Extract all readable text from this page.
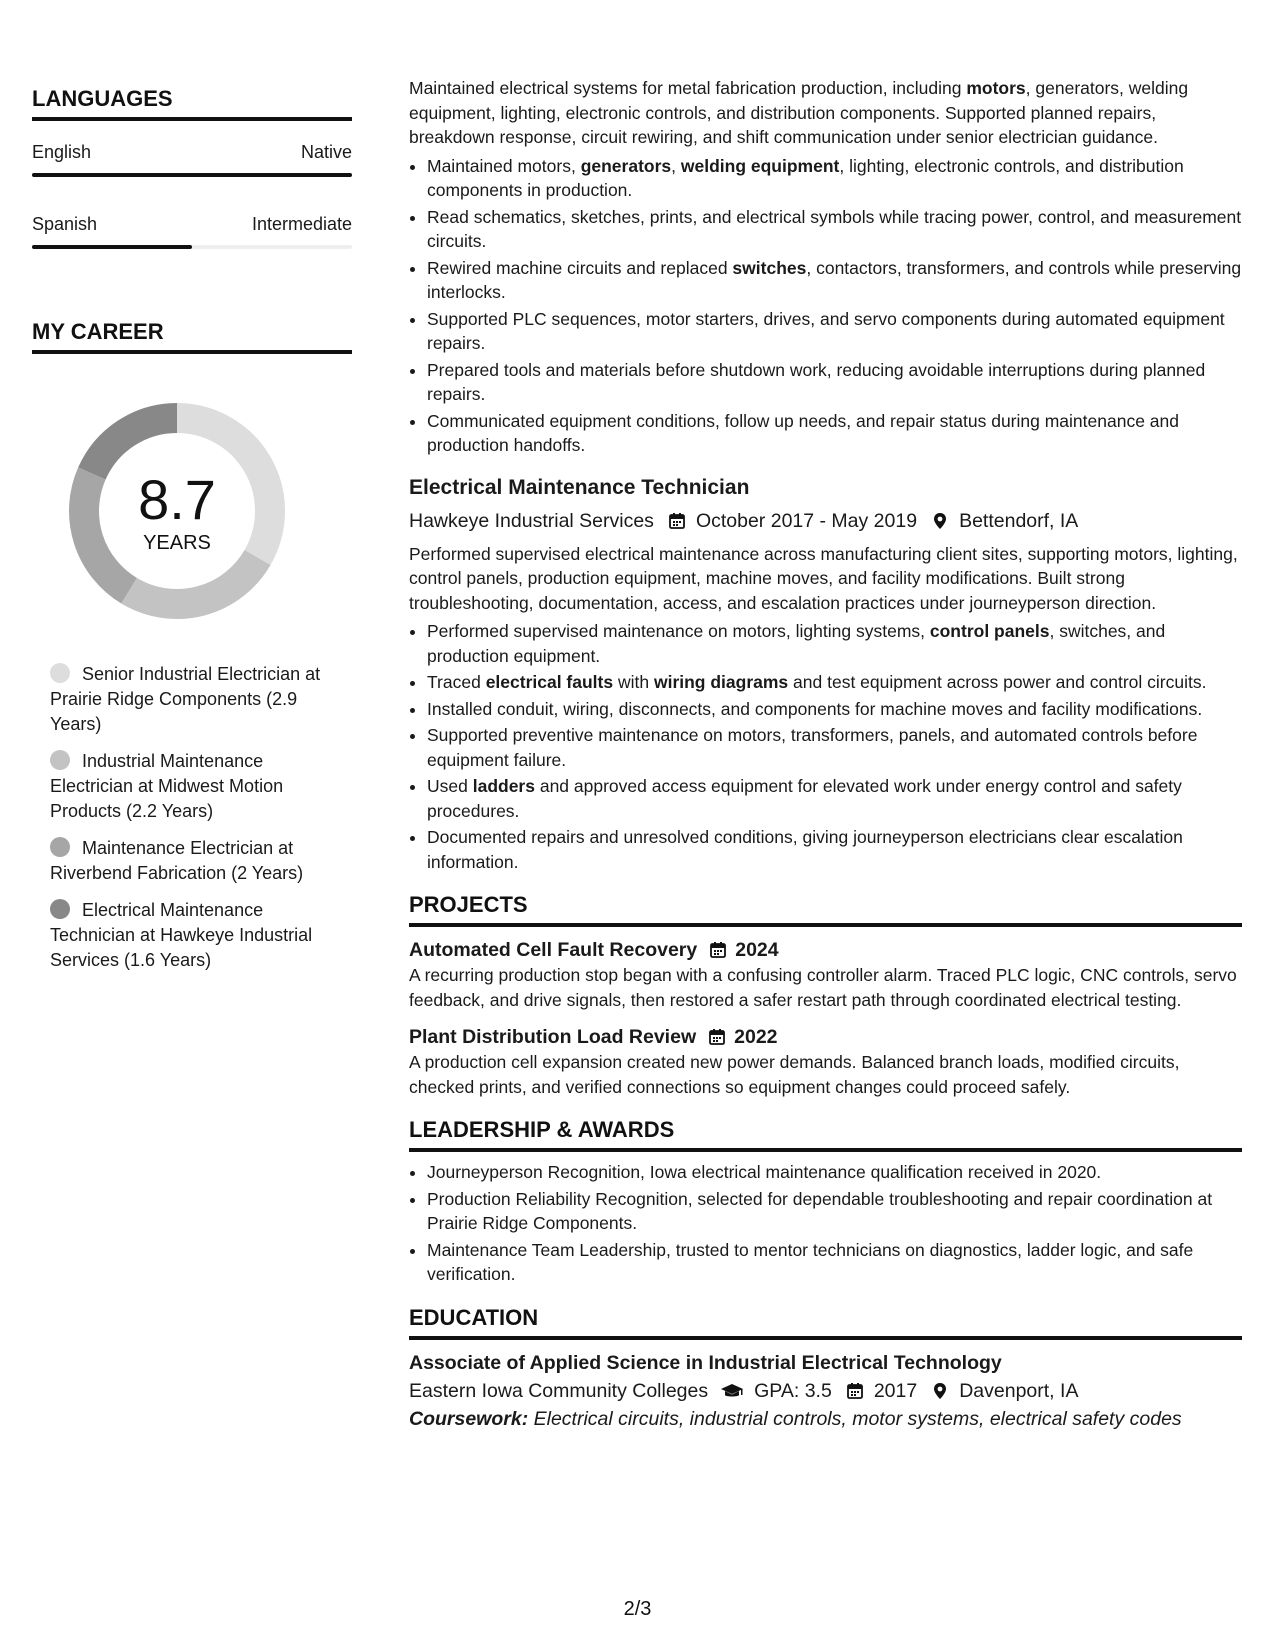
LANGUAGES
English	Native
Spanish	Intermediate
MY CAREER
8.7
YEARS
Senior Industrial Electrician at Prairie Ridge Components (2.9 Years)
Industrial Maintenance Electrician at Midwest Motion Products (2.2 Years)
Maintenance Electrician at Riverbend Fabrication (2 Years)
Electrical Maintenance Technician at Hawkeye Industrial Services (1.6 Years)

Maintained electrical systems for metal fabrication production, including motors, generators, welding equipment, lighting, electronic controls, and distribution components. Supported planned repairs, breakdown response, circuit rewiring, and shift communication under senior electrician guidance.

• Maintained motors, generators, welding equipment, lighting, electronic controls, and distribution components in production.
• Read schematics, sketches, prints, and electrical symbols while tracing power, control, and measurement circuits.
• Rewired machine circuits and replaced switches, contactors, transformers, and controls while preserving interlocks.
• Supported PLC sequences, motor starters, drives, and servo components during automated equipment repairs.
• Prepared tools and materials before shutdown work, reducing avoidable interruptions during planned repairs.
• Communicated equipment conditions, follow up needs, and repair status during maintenance and production handoffs.
Electrical Maintenance Technician
Hawkeye Industrial Services October 2017 - May 2019 Bettendorf, IA

Performed supervised electrical maintenance across manufacturing client sites, supporting motors, lighting, control panels, production equipment, machine moves, and facility modifications. Built strong troubleshooting, documentation, access, and escalation practices under journeyperson direction.

• Performed supervised maintenance on motors, lighting systems, control panels, switches, and production equipment.
• Traced electrical faults with wiring diagrams and test equipment across power and control circuits.
• Installed conduit, wiring, disconnects, and components for machine moves and facility modifications.
• Supported preventive maintenance on motors, transformers, panels, and automated controls before equipment failure.
• Used ladders and approved access equipment for elevated work under energy control and safety procedures.
• Documented repairs and unresolved conditions, giving journeyperson electricians clear escalation information.
PROJECTS
Automated Cell Fault Recovery 2024

A recurring production stop began with a confusing controller alarm. Traced PLC logic, CNC controls, servo feedback, and drive signals, then restored a safer restart path through coordinated electrical testing.

Plant Distribution Load Review 2022

A production cell expansion created new power demands. Balanced branch loads, modified circuits, checked prints, and verified connections so equipment changes could proceed safely.

LEADERSHIP & AWARDS
• Journeyperson Recognition, Iowa electrical maintenance qualification received in 2020.
• Production Reliability Recognition, selected for dependable troubleshooting and repair coordination at Prairie Ridge Components.
• Maintenance Team Leadership, trusted to mentor technicians on diagnostics, ladder logic, and safe verification.
EDUCATION
Associate of Applied Science in Industrial Electrical Technology
Eastern Iowa Community Colleges GPA: 3.5 2017 Davenport, IA
Coursework: Electrical circuits, industrial controls, motor systems, electrical safety codes
2/3
